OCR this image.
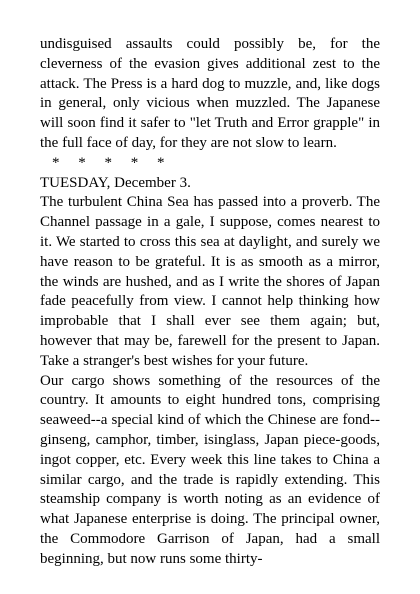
undisguised assaults could possibly be, for the cleverness of the evasion gives additional zest to the attack. The Press is a hard dog to muzzle, and, like dogs in general, only vicious when muzzled. The Japanese will soon find it safer to "let Truth and Error grapple" in the full face of day, for they are not slow to learn.

*     *     *     *     *

TUESDAY, December 3.

The turbulent China Sea has passed into a proverb. The Channel passage in a gale, I suppose, comes nearest to it. We started to cross this sea at daylight, and surely we have reason to be grateful. It is as smooth as a mirror, the winds are hushed, and as I write the shores of Japan fade peacefully from view. I cannot help thinking how improbable that I shall ever see them again; but, however that may be, farewell for the present to Japan. Take a stranger's best wishes for your future.

Our cargo shows something of the resources of the country. It amounts to eight hundred tons, comprising seaweed--a special kind of which the Chinese are fond--ginseng, camphor, timber, isinglass, Japan piece-goods, ingot copper, etc. Every week this line takes to China a similar cargo, and the trade is rapidly extending. This steamship company is worth noting as an evidence of what Japanese enterprise is doing. The principal owner, the Commodore Garrison of Japan, had a small beginning, but now runs some thirty-
